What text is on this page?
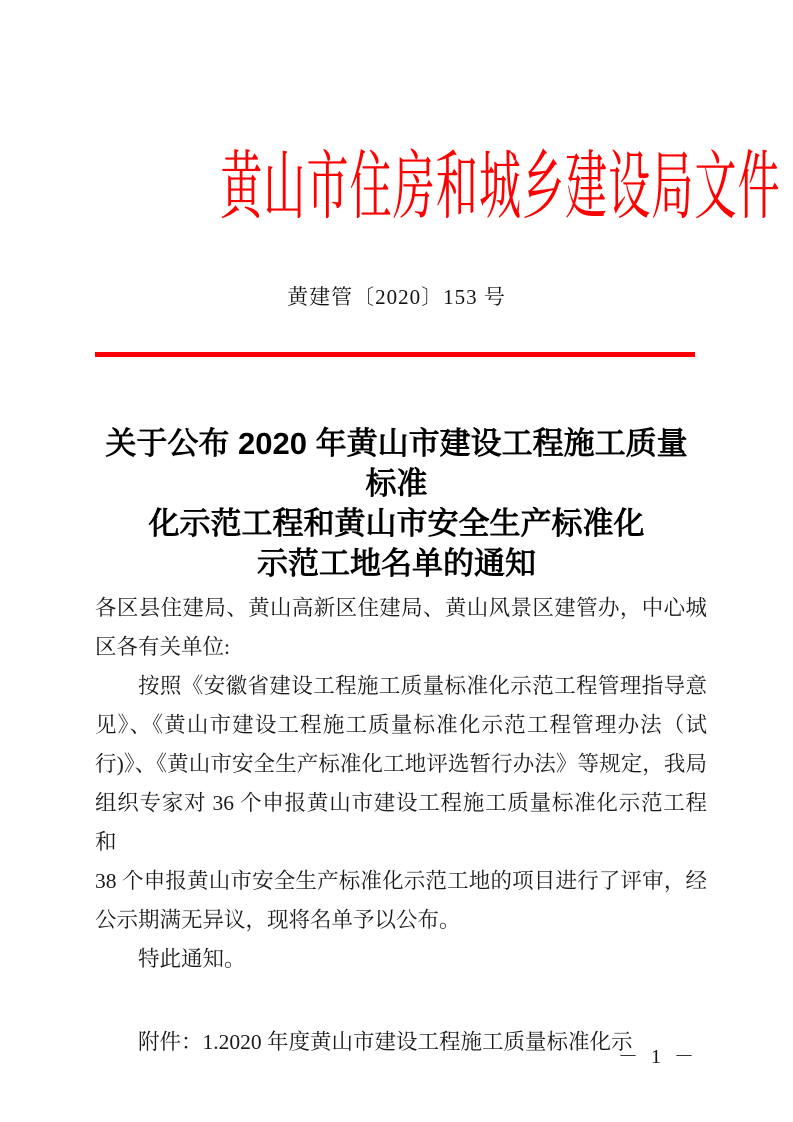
黄山市住房和城乡建设局文件
黄建管〔2020〕153 号
关于公布 2020 年黄山市建设工程施工质量标准
化示范工程和黄山市安全生产标准化
示范工地名单的通知
各区县住建局、黄山高新区住建局、黄山风景区建管办，中心城
区各有关单位:
按照《安徽省建设工程施工质量标准化示范工程管理指导意
见》、《黄山市建设工程施工质量标准化示范工程管理办法（试
行)》、《黄山市安全生产标准化工地评选暂行办法》等规定，我局
组织专家对 36 个申报黄山市建设工程施工质量标准化示范工程和
38 个申报黄山市安全生产标准化示范工地的项目进行了评审，经
公示期满无异议，现将名单予以公布。
特此通知。
附件：1.2020 年度黄山市建设工程施工质量标准化示
－ 1 －
